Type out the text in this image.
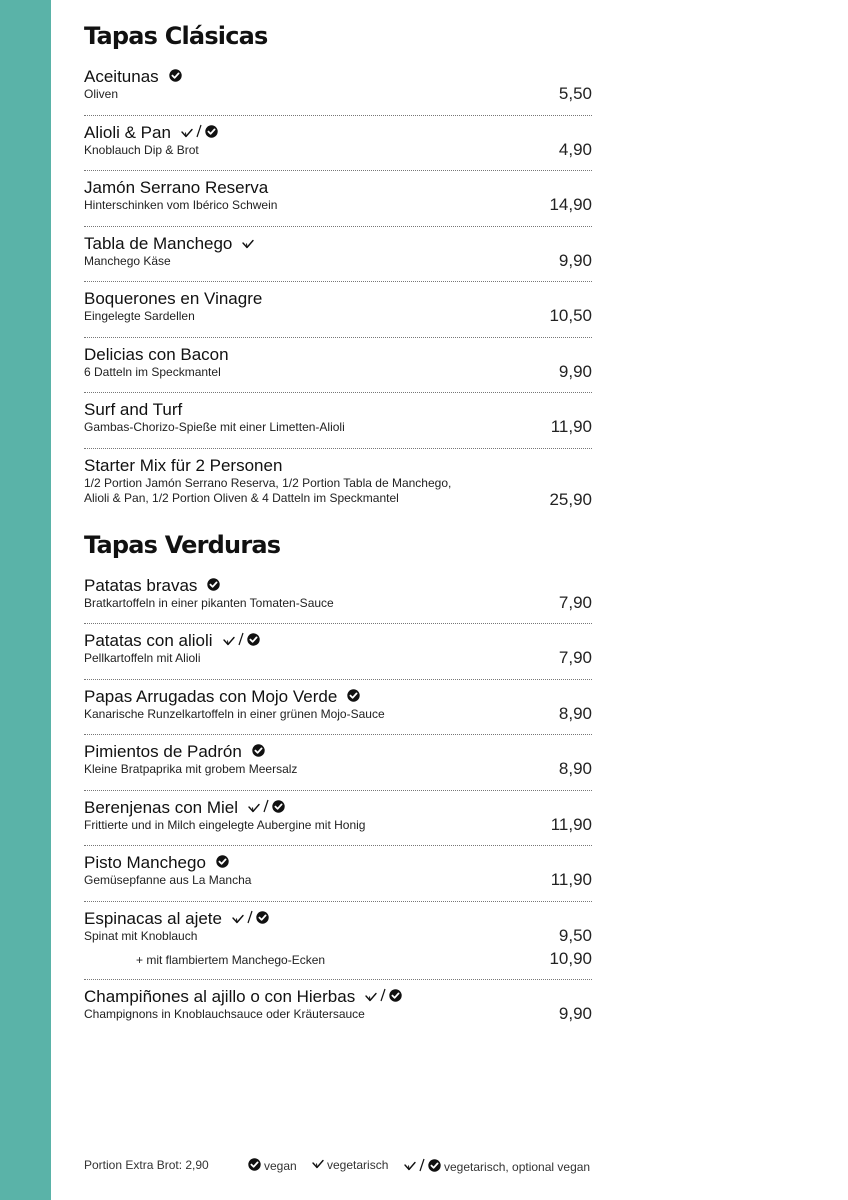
Tapas Clásicas
Aceitunas
Oliven	5,50
Alioli & Pan
Knoblauch Dip & Brot	4,90
Jamón Serrano Reserva
Hinterschinken vom Ibérico Schwein	14,90
Tabla de Manchego
Manchego Käse	9,90
Boquerones en Vinagre
Eingelegte Sardellen	10,50
Delicias con Bacon
6 Datteln im Speckmantel	9,90
Surf and Turf
Gambas-Chorizo-Spieße mit einer Limetten-Alioli	11,90
Starter Mix für 2 Personen
1/2 Portion Jamón Serrano Reserva, 1/2 Portion Tabla de Manchego,
Alioli & Pan, 1/2 Portion Oliven & 4 Datteln im Speckmantel	25,90
Tapas Verduras
Patatas bravas
Bratkartoffeln in einer pikanten Tomaten-Sauce	7,90
Patatas con alioli
Pellkartoffeln mit Alioli	7,90
Papas Arrugadas con Mojo Verde
Kanarische Runzelkartoffeln in einer grünen Mojo-Sauce	8,90
Pimientos de Padrón
Kleine Bratpaprika mit grobem Meersalz	8,90
Berenjenas con Miel
Frittierte und in Milch eingelegte Aubergine mit Honig	11,90
Pisto Manchego
Gemüsepfanne aus La Mancha	11,90
Espinacas al ajete
Spinat mit Knoblauch	9,50
+ mit flambiertem Manchego-Ecken	10,90
Champiñones al ajillo o con Hierbas
Champignons in Knoblauchsauce oder Kräutersauce	9,90
Portion Extra Brot: 2,90	vegan	vegetarisch	vegetarisch, optional vegan
